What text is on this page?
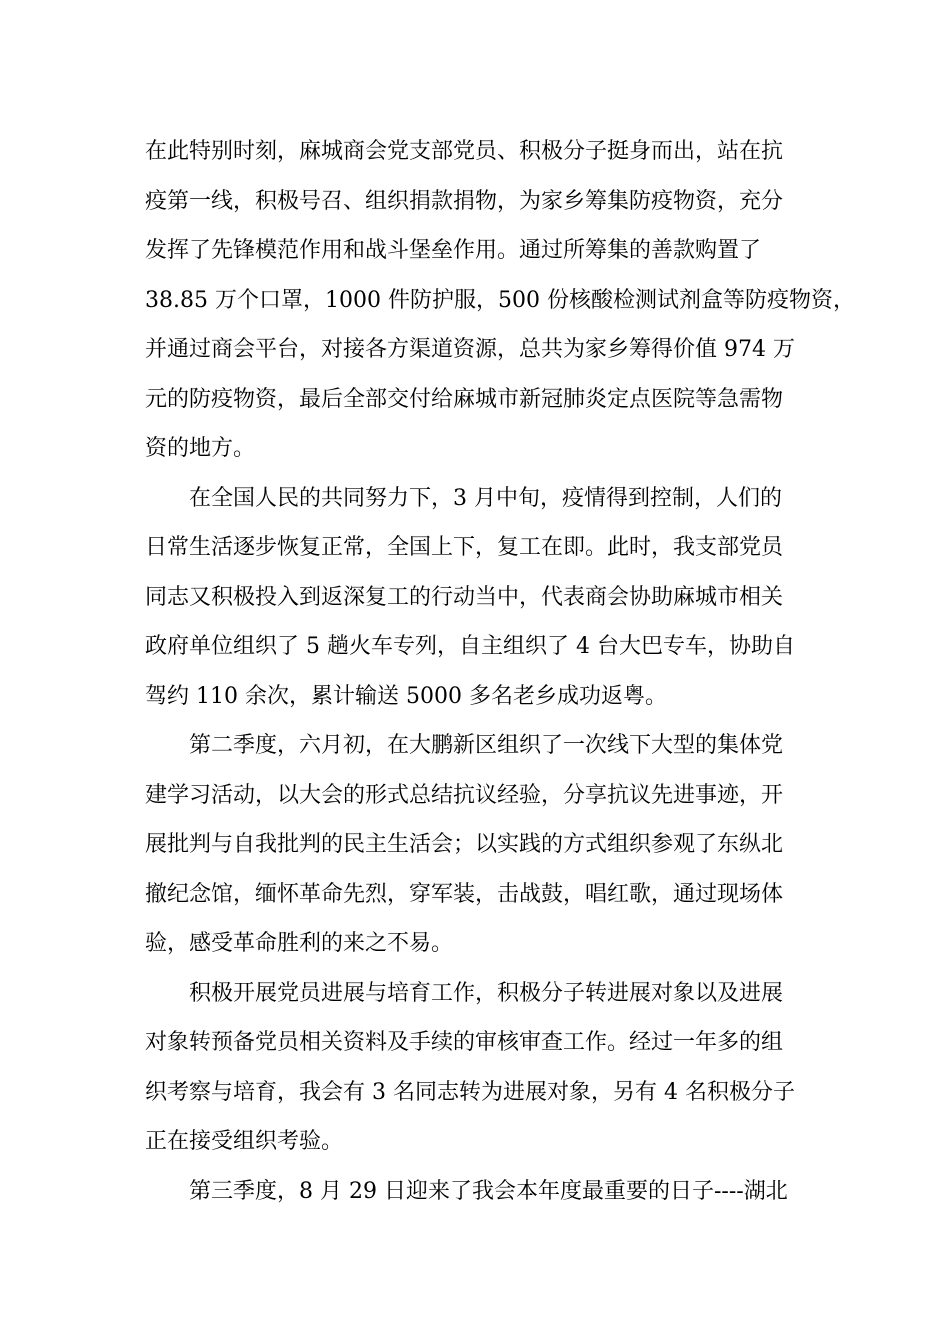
在此特别时刻，麻城商会党支部党员、积极分子挺身而出，站在抗
疫第一线，积极号召、组织捐款捐物，为家乡筹集防疫物资，充分
发挥了先锋模范作用和战斗堡垒作用。通过所筹集的善款购置了
38.85 万个口罩，1000 件防护服，500 份核酸检测试剂盒等防疫物资，
并通过商会平台，对接各方渠道资源，总共为家乡筹得价值 974 万
元的防疫物资，最后全部交付给麻城市新冠肺炎定点医院等急需物
资的地方。

在全国人民的共同努力下，3 月中旬，疫情得到控制，人们的
日常生活逐步恢复正常，全国上下，复工在即。此时，我支部党员
同志又积极投入到返深复工的行动当中，代表商会协助麻城市相关
政府单位组织了 5 趟火车专列，自主组织了 4 台大巴专车，协助自
驾约 110 余次，累计输送 5000 多名老乡成功返粤。

第二季度，六月初，在大鹏新区组织了一次线下大型的集体党
建学习活动，以大会的形式总结抗议经验，分享抗议先进事迹，开
展批判与自我批判的民主生活会；以实践的方式组织参观了东纵北
撤纪念馆，缅怀革命先烈，穿军装，击战鼓，唱红歌，通过现场体
验，感受革命胜利的来之不易。

积极开展党员进展与培育工作，积极分子转进展对象以及进展
对象转预备党员相关资料及手续的审核审查工作。经过一年多的组
织考察与培育，我会有 3 名同志转为进展对象，另有 4 名积极分子
正在接受组织考验。

第三季度，8 月 29 日迎来了我会本年度最重要的日子----湖北
